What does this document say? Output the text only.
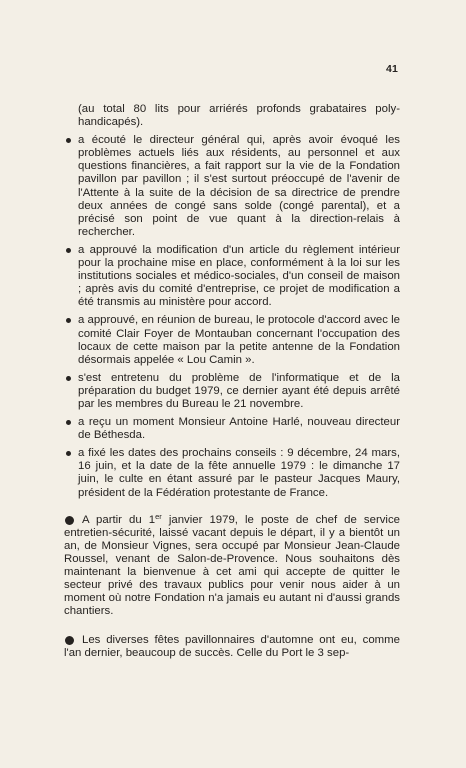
41

(au total 80 lits pour arriérés profonds grabataires poly-handicapés).

a écouté le directeur général qui, après avoir évoqué les problèmes actuels liés aux résidents, au personnel et aux questions financières, a fait rapport sur la vie de la Fondation pavillon par pavillon ; il s'est surtout préoccupé de l'avenir de l'Attente à la suite de la décision de sa directrice de prendre deux années de congé sans solde (congé parental), et a précisé son point de vue quant à la direction-relais à rechercher.
a approuvé la modification d'un article du règlement intérieur pour la prochaine mise en place, conformément à la loi sur les institutions sociales et médico-sociales, d'un conseil de maison ; après avis du comité d'entreprise, ce projet de modification a été transmis au ministère pour accord.
a approuvé, en réunion de bureau, le protocole d'accord avec le comité Clair Foyer de Montauban concernant l'occupation des locaux de cette maison par la petite antenne de la Fondation désormais appelée « Lou Camin ».
s'est entretenu du problème de l'informatique et de la préparation du budget 1979, ce dernier ayant été depuis arrêté par les membres du Bureau le 21 novembre.
a reçu un moment Monsieur Antoine Harlé, nouveau directeur de Béthesda.
a fixé les dates des prochains conseils : 9 décembre, 24 mars, 16 juin, et la date de la fête annuelle 1979 : le dimanche 17 juin, le culte en étant assuré par le pasteur Jacques Maury, président de la Fédération protestante de France.

A partir du 1er janvier 1979, le poste de chef de service entretien-sécurité, laissé vacant depuis le départ, il y a bientôt un an, de Monsieur Vignes, sera occupé par Monsieur Jean-Claude Roussel, venant de Salon-de-Provence. Nous souhaitons dès maintenant la bienvenue à cet ami qui accepte de quitter le secteur privé des travaux publics pour venir nous aider à un moment où notre Fondation n'a jamais eu autant ni d'aussi grands chantiers.

Les diverses fêtes pavillonnaires d'automne ont eu, comme l'an dernier, beaucoup de succès. Celle du Port le 3 sep-
